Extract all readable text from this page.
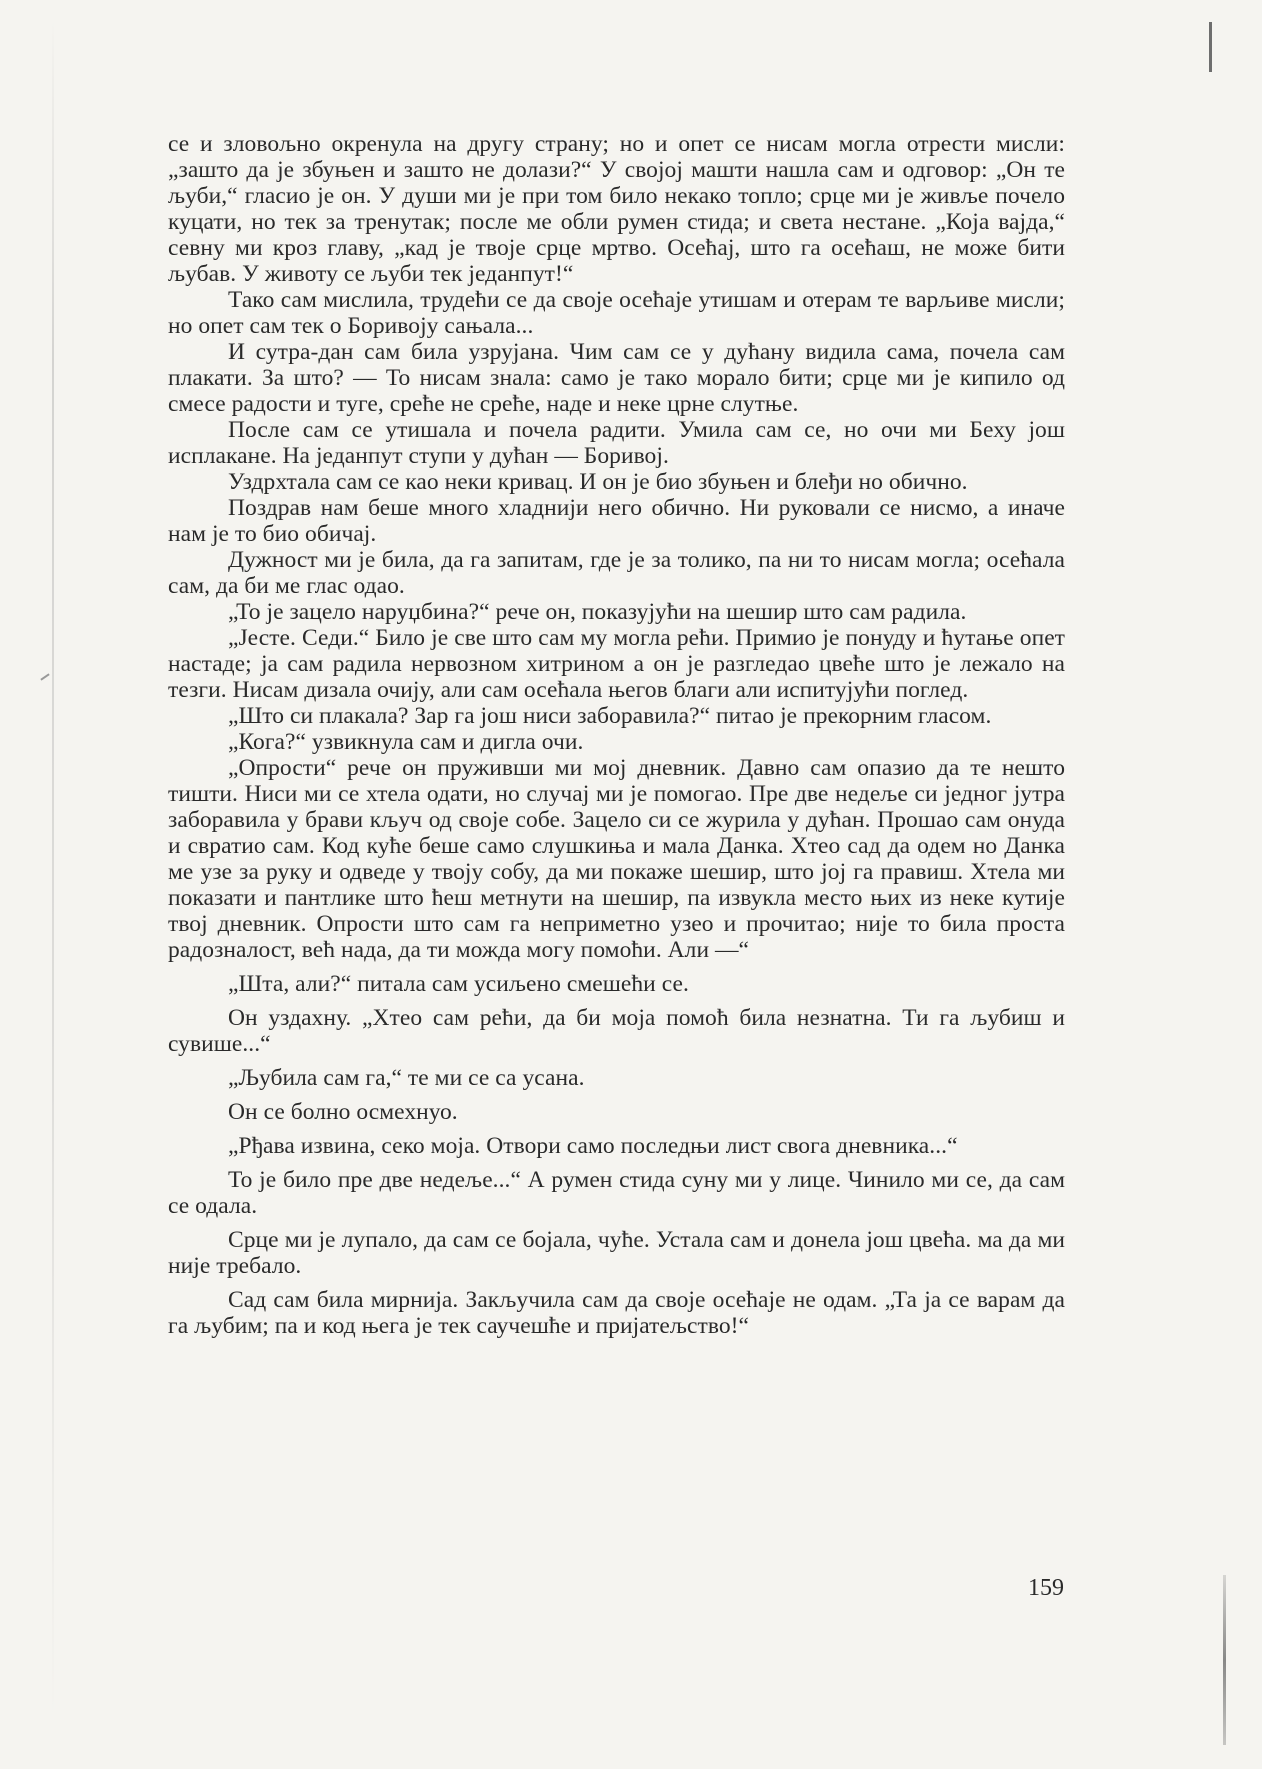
се и зловољно окренула на другу страну; но и опет се нисам могла отрести мисли: „зашто да је збуњен и зашто не долази?“ У својој машти нашла сам и одговор: „Он те љуби,“ гласио је он. У души ми је при том било некако топло; срце ми је живље почело куцати, но тек за тренутак; после ме обли румен стида; и света нестане. „Која вајда,“ севну ми кроз главу, „кад је твоје срце мртво. Осећај, што га осећаш, не може бити љубав. У животу се љуби тек једанпут!“

Тако сам мислила, трудећи се да своје осећаје утишам и отерам те варљиве мисли; но опет сам тек о Боривоју сањала...

И сутра-дан сам била узрујана. Чим сам се у дућану видила сама, почела сам плакати. За што? — То нисам знала: само је тако морало бити; срце ми је кипило од смесе радости и туге, среће не среће, наде и неке црне слутње.

После сам се утишала и почела радити. Умила сам се, но очи ми Беху још исплакане. На једанпут ступи у дућан — Боривој.

Уздрхтала сам се као неки кривац. И он је био збуњен и блеђи но обично.

Поздрав нам беше много хладнији него обично. Ни руковали се нисмо, а иначе нам је то био обичај.

Дужност ми је била, да га запитам, где је за толико, па ни то нисам могла; осећала сам, да би ме глас одао.

„То је зацело наруџбина?“ рече он, показујући на шешир што сам радила.

„Јесте. Седи.“ Било је све што сам му могла рећи. Примио је понуду и ћутање опет настаде; ја сам радила нервозном хитрином а он је разгледао цвеће што је лежало на тезги. Нисам дизала очију, али сам осећала његов благи али испитујући поглед.

„Што си плакала? Зар га још ниси заборавила?“ питао је прекорним гласом.

„Кога?“ узвикнула сам и дигла очи.

„Опрости“ рече он пруживши ми мој дневник. Давно сам опазио да те нешто тишти. Ниси ми се хтела одати, но случај ми је помогао. Пре две недеље си једног јутра заборавила у брави кључ од своје собе. Зацело си се журила у дућан. Прошао сам онуда и свратио сам. Код куће беше само слушкиња и мала Данка. Хтео сад да одем но Данка ме узе за руку и одведе у твоју собу, да ми покаже шешир, што јој га правиш. Хтела ми показати и пантлике што ћеш метнути на шешир, па извукла место њих из неке кутије твој дневник. Опрости што сам га неприметно узео и прочитао; није то била проста радозналост, већ нада, да ти можда могу помоћи. Али —“

„Шта, али?“ питала сам усиљено смешећи се.

Он уздахну. „Хтео сам рећи, да би моја помоћ била незнатна. Ти га љубиш и сувише...“

„Љубила сам га,“ те ми се са усана.

Он се болно осмехнуо.

„Рђава извина, секо моја. Отвори само последњи лист свога дневника...“

То је било пре две недеље...“ А румен стида суну ми у лице. Чинило ми се, да сам се одала.

Срце ми је лупало, да сам се бојала, чуће. Устала сам и донела још цвећа. ма да ми није требало.

Сад сам била мирнија. Закључила сам да своје осећаје не одам. „Та ја се варам да га љубим; па и код њега је тек саучешће и пријатељство!“

159
